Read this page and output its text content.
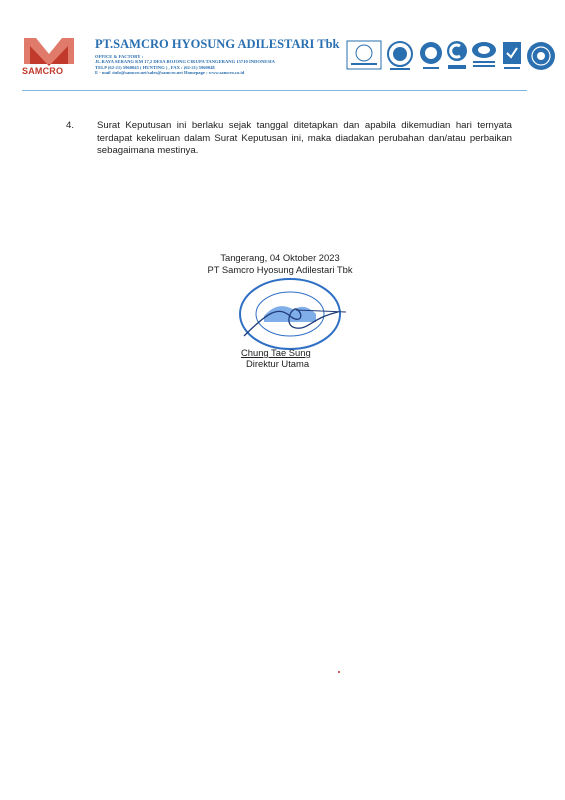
SAMCRO
PT.SAMCRO HYOSUNG ADILESTARI Tbk
OFFICE & FACTORY :
JL.RAYA SERANG KM 17,2 DESA BOJONG CIKUPA TANGERANG 15710 INDONESIA
TELP (62-21) 5960045 ( HUNTING ) , FAX : (62-21) 5960048
E - mail :info@samcro.net/sales@samcro.net Homepage : www.samcro.co.id
4. Surat Keputusan ini berlaku sejak tanggal ditetapkan dan apabila dikemudian hari ternyata terdapat kekeliruan dalam Surat Keputusan ini, maka diadakan perubahan dan/atau perbaikan sebagaimana mestinya.
Tangerang, 04 Oktober 2023
PT Samcro Hyosung Adilestari Tbk
Chung Tae Sung
Direktur Utama
